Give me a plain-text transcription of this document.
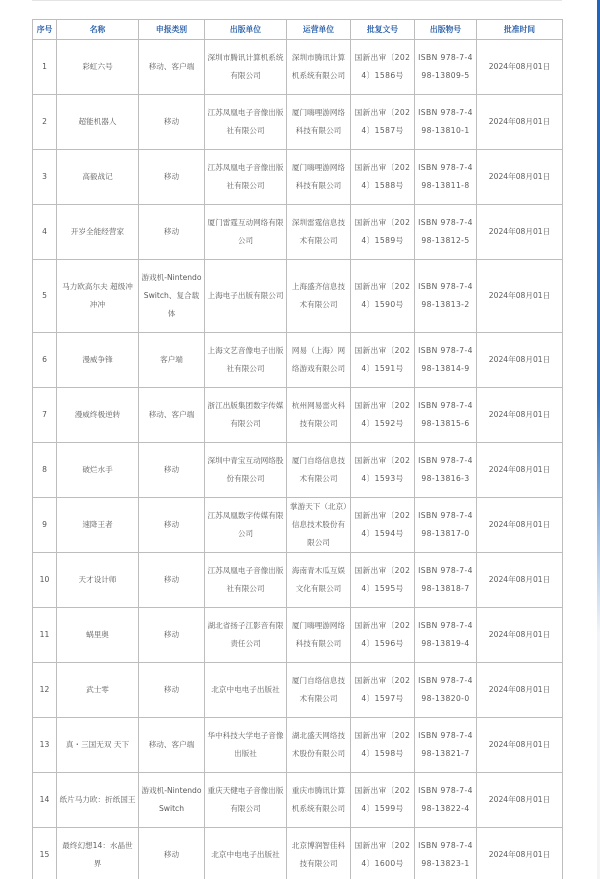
序号	名称	申报类别	出版单位	运营单位	批复文号	出版物号	批准时间
1	彩虹六号	移动、客户端	深圳市腾讯计算机系统有限公司	深圳市腾讯计算机系统有限公司	国新出审〔2024〕1586号	ISBN 978-7-498-13809-5	2024年08月01日
2	超能机器人	移动	江苏凤凰电子音像出版社有限公司	厦门嗨哩游网络科技有限公司	国新出审〔2024〕1587号	ISBN 978-7-498-13810-1	2024年08月01日
3	高毅战记	移动	江苏凤凰电子音像出版社有限公司	厦门嗨哩游网络科技有限公司	国新出审〔2024〕1588号	ISBN 978-7-498-13811-8	2024年08月01日
4	开岁全能经营家	移动	厦门雷霆互动网络有限公司	深圳雷霆信息技术有限公司	国新出审〔2024〕1589号	ISBN 978-7-498-13812-5	2024年08月01日
5	马力欧高尔夫 超级冲冲冲	游戏机-Nintendo Switch、复合载体	上海电子出版有限公司	上海盛齐信息技术有限公司	国新出审〔2024〕1590号	ISBN 978-7-498-13813-2	2024年08月01日
6	漫威争锋	客户端	上海文艺音像电子出版社有限公司	网易（上海）网络游戏有限公司	国新出审〔2024〕1591号	ISBN 978-7-498-13814-9	2024年08月01日
7	漫威终极逆转	移动、客户端	浙江出版集团数字传媒有限公司	杭州网易雷火科技有限公司	国新出审〔2024〕1592号	ISBN 978-7-498-13815-6	2024年08月01日
8	破烂水手	移动	深圳中青宝互动网络股份有限公司	厦门自络信息技术有限公司	国新出审〔2024〕1593号	ISBN 978-7-498-13816-3	2024年08月01日
9	速降王者	移动	江苏凤凰数字传媒有限公司	掌游天下（北京）信息技术股份有限公司	国新出审〔2024〕1594号	ISBN 978-7-498-13817-0	2024年08月01日
10	天才设计师	移动	江苏凤凰电子音像出版社有限公司	海南青木瓜互娱文化有限公司	国新出审〔2024〕1595号	ISBN 978-7-498-13818-7	2024年08月01日
11	蜗里奥	移动	湖北省扬子江影音有限责任公司	厦门嗨哩游网络科技有限公司	国新出审〔2024〕1596号	ISBN 978-7-498-13819-4	2024年08月01日
12	武士零	移动	北京中电电子出版社	厦门自络信息技术有限公司	国新出审〔2024〕1597号	ISBN 978-7-498-13820-0	2024年08月01日
13	真・三国无双 天下	移动、客户端	华中科技大学电子音像出版社	湖北盛天网络技术股份有限公司	国新出审〔2024〕1598号	ISBN 978-7-498-13821-7	2024年08月01日
14	纸片马力欧：折纸国王	游戏机-Nintendo Switch	重庆天健电子音像出版有限公司	重庆市腾讯计算机系统有限公司	国新出审〔2024〕1599号	ISBN 978-7-498-13822-4	2024年08月01日
15	最终幻想14：水晶世界	移动	北京中电电子出版社	北京博润智佳科技有限公司	国新出审〔2024〕1600号	ISBN 978-7-498-13823-1	2024年08月01日
